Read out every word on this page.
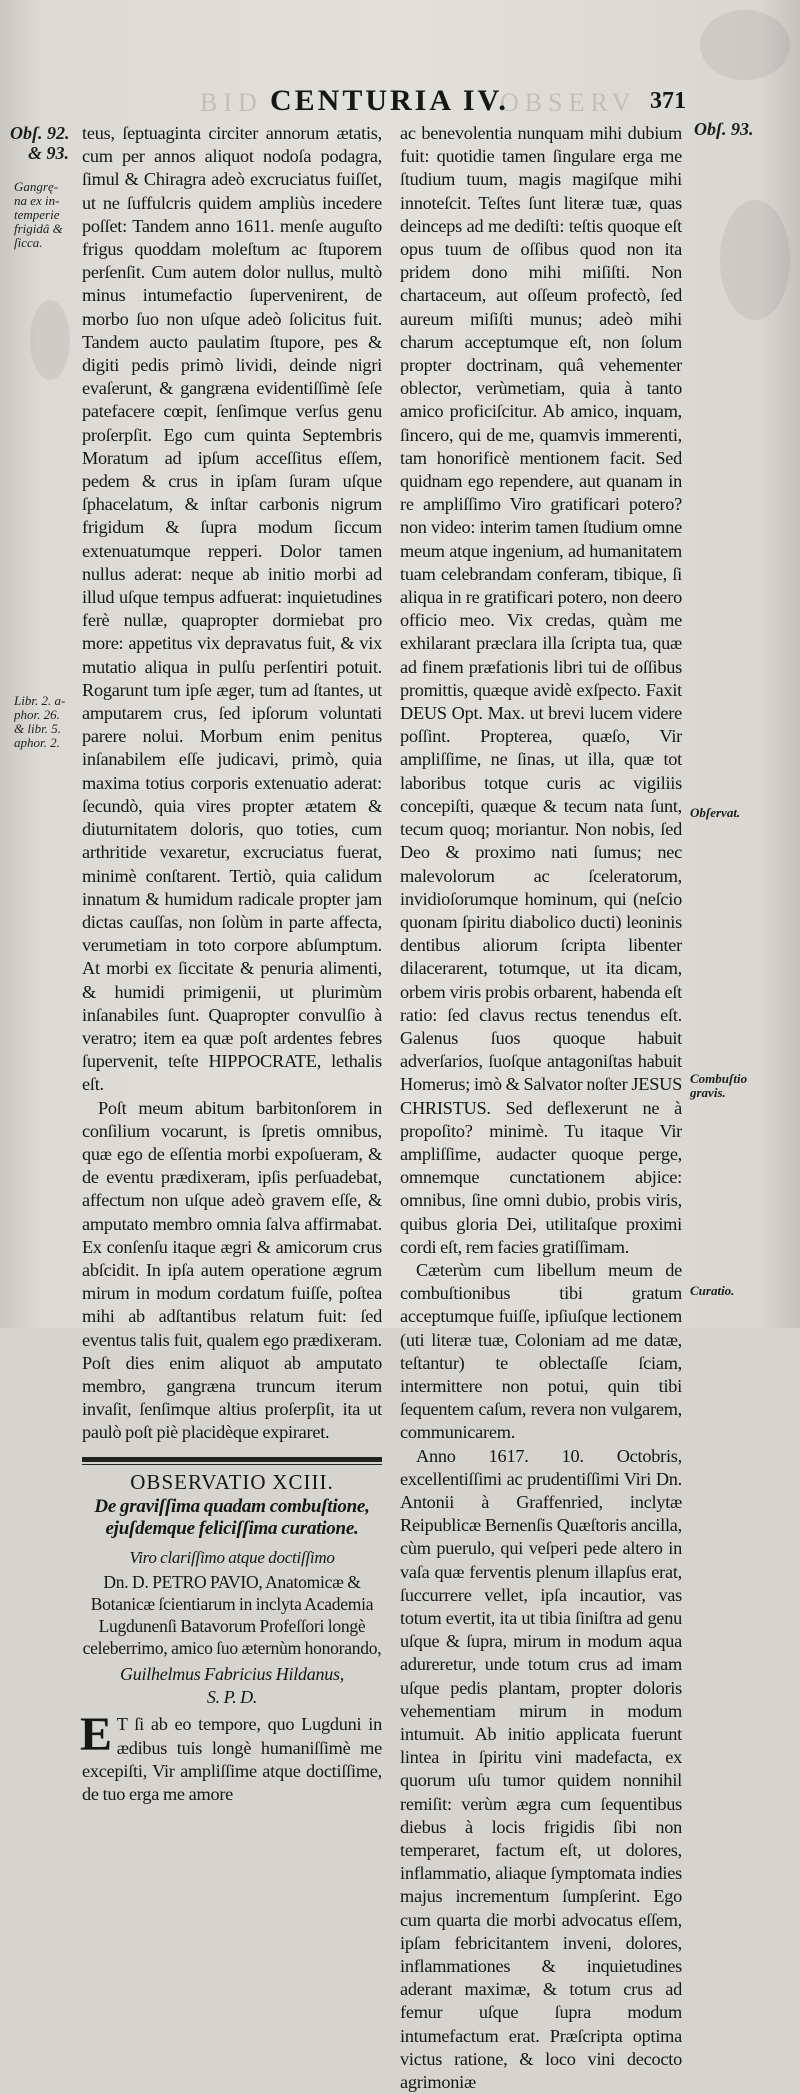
BID	OBSERV
CENTURIA IV.	371
Obſ. 92.
& 93.
Gangrę-
na ex in-
temperie
frigidâ &
ſicca.
Libr. 2. a-
phor. 26.
& libr. 5.
aphor. 2.
Obſ. 93.
Obſervat.
Combuſtio
gravis.
Curatio.

teus, ſeptuaginta circiter annorum ætatis, cum per annos aliquot nodoſa podagra, ſimul & Chiragra adeò excruciatus fuiſſet, ut ne ſuffulcris quidem ampliùs incedere poſſet: Tandem anno 1611. menſe auguſto frigus quoddam moleſtum ac ſtuporem perſenſit. Cum autem dolor nullus, multò minus intumefactio ſupervenirent, de morbo ſuo non uſque adeò ſolicitus fuit. Tandem aucto paulatim ſtupore, pes & digiti pedis primò lividi, deinde nigri evaſerunt, & gangræna evidentiſſimè ſeſe patefacere cœpit, ſenſimque verſus genu proſerpſit. Ego cum quinta Septembris Moratum ad ipſum acceſſitus eſſem, pedem & crus in ipſam ſuram uſque ſphacelatum, & inſtar carbonis nigrum frigidum & ſupra modum ſiccum extenuatumque repperi. Dolor tamen nullus aderat: neque ab initio morbi ad illud uſque tempus adfuerat: inquietudines ferè nullæ, quapropter dormiebat pro more: appetitus vix depravatus fuit, & vix mutatio aliqua in pulſu perſentiri potuit. Rogarunt tum ipſe æger, tum ad ſtantes, ut amputarem crus, ſed ipſorum voluntati parere nolui. Morbum enim penitus inſanabilem eſſe judicavi, primò, quia maxima totius corporis extenuatio aderat: ſecundò, quia vires propter ætatem & diuturnitatem doloris, quo toties, cum arthritide vexaretur, excruciatus fuerat, minimè conſtarent. Tertiò, quia calidum innatum & humidum radicale propter jam dictas cauſſas, non ſolùm in parte affecta, verumetiam in toto corpore abſumptum. At morbi ex ſiccitate & penuria alimenti, & humidi primigenii, ut plurimùm inſanabiles ſunt. Quapropter convulſio à veratro; item ea quæ poſt ardentes febres ſupervenit, teſte HIPPOCRATE, lethalis eſt.

Poſt meum abitum barbitonſorem in conſilium vocarunt, is ſpretis omnibus, quæ ego de eſſentia morbi expoſueram, & de eventu prædixeram, ipſis perſuadebat, affectum non uſque adeò gravem eſſe, & amputato membro omnia ſalva affirmabat. Ex conſenſu itaque ægri & amicorum crus abſcidit. In ipſa autem operatione ægrum mirum in modum cordatum fuiſſe, poſtea mihi ab adſtantibus relatum fuit: ſed eventus talis fuit, qualem ego prædixeram. Poſt dies enim aliquot ab amputato membro, gangræna truncum iterum invaſit, ſenſimque altius proſerpſit, ita ut paulò poſt piè placidèque expiraret.

OBSERVATIO XCIII.
De graviſſima quadam combuſtione, ejuſdemque feliciſſima curatione.
Viro clariſſimo atque doctiſſimo
Dn. D. PETRO PAVIO, Anatomicæ & Botanicæ ſcientiarum in inclyta Academia Lugdunenſi Batavorum Profeſſori longè celeberrimo, amico ſuo æternùm honorando,
Guilhelmus Fabricius Hildanus,
S. P. D.

E T ſi ab eo tempore, quo Lugduni in ædibus tuis longè humaniſſimè me excepiſti, Vir ampliſſime atque doctiſſime, de tuo erga me amore

ac benevolentia nunquam mihi dubium fuit: quotidie tamen ſingulare erga me ſtudium tuum, magis magiſque mihi innoteſcit. Teſtes ſunt literæ tuæ, quas deinceps ad me dediſti: teſtis quoque eſt opus tuum de oſſibus quod non ita pridem dono mihi miſiſti. Non chartaceum, aut oſſeum profectò, ſed aureum miſiſti munus; adeò mihi charum acceptumque eſt, non ſolum propter doctrinam, quâ vehementer oblector, verùmetiam, quia à tanto amico proficiſcitur. Ab amico, inquam, ſincero, qui de me, quamvis immerenti, tam honorificè mentionem facit. Sed quidnam ego rependere, aut quanam in re ampliſſimo Viro gratificari potero? non video: interim tamen ſtudium omne meum atque ingenium, ad humanitatem tuam celebrandam conferam, tibique, ſi aliqua in re gratificari potero, non deero officio meo. Vix credas, quàm me exhilarant præclara illa ſcripta tua, quæ ad finem præfationis libri tui de oſſibus promittis, quæque avidè exſpecto. Faxit DEUS Opt. Max. ut brevi lucem videre poſſint. Propterea, quæſo, Vir ampliſſime, ne ſinas, ut illa, quæ tot laboribus totque curis ac vigiliis concepiſti, quæque & tecum nata ſunt, tecum quoq; moriantur. Non nobis, ſed Deo & proximo nati ſumus; nec malevolorum ac ſceleratorum, invidioſorumque hominum, qui (neſcio quonam ſpiritu diabolico ducti) leoninis dentibus aliorum ſcripta libenter dilacerarent, totumque, ut ita dicam, orbem viris probis orbarent, habenda eſt ratio: ſed clavus rectus tenendus eſt. Galenus ſuos quoque habuit adverſarios, ſuoſque antagoniſtas habuit Homerus; imò & Salvator noſter JESUS CHRISTUS. Sed deflexerunt ne à propoſito? minimè. Tu itaque Vir ampliſſime, audacter quoque perge, omnemque cunctationem abjice: omnibus, ſine omni dubio, probis viris, quibus gloria Dei, utilitaſque proximi cordi eſt, rem facies gratiſſimam.

Cæterùm cum libellum meum de combuſtionibus tibi gratum acceptumque fuiſſe, ipſiuſque lectionem (uti literæ tuæ, Coloniam ad me datæ, teſtantur) te oblectaſſe ſciam, intermittere non potui, quin tibi ſequentem caſum, revera non vulgarem, communicarem.

Anno 1617. 10. Octobris, excellentiſſimi ac prudentiſſimi Viri Dn. Antonii à Graffenried, inclytæ Reipublicæ Bernenſis Quæſtoris ancilla, cùm puerulo, qui veſperi pede altero in vaſa quæ ferventis plenum illapſus erat, ſuccurrere vellet, ipſa incautior, vas totum evertit, ita ut tibia ſiniſtra ad genu uſque & ſupra, mirum in modum aqua adureretur, unde totum crus ad imam uſque pedis plantam, propter doloris vehementiam mirum in modum intumuit. Ab initio applicata fuerunt lintea in ſpiritu vini madefacta, ex quorum uſu tumor quidem nonnihil remiſit: verùm ægra cum ſequentibus diebus à locis frigidis ſibi non temperaret, factum eſt, ut dolores, inflammatio, aliaque ſymptomata indies majus incrementum ſumpſerint. Ego cum quarta die morbi advocatus eſſem, ipſam febricitantem inveni, dolores, inflammationes & inquietudines aderant maximæ, & totum crus ad femur uſque ſupra modum intumefactum erat. Præſcripta optima victus ratione, & loco vini decocto agrimoniæ
